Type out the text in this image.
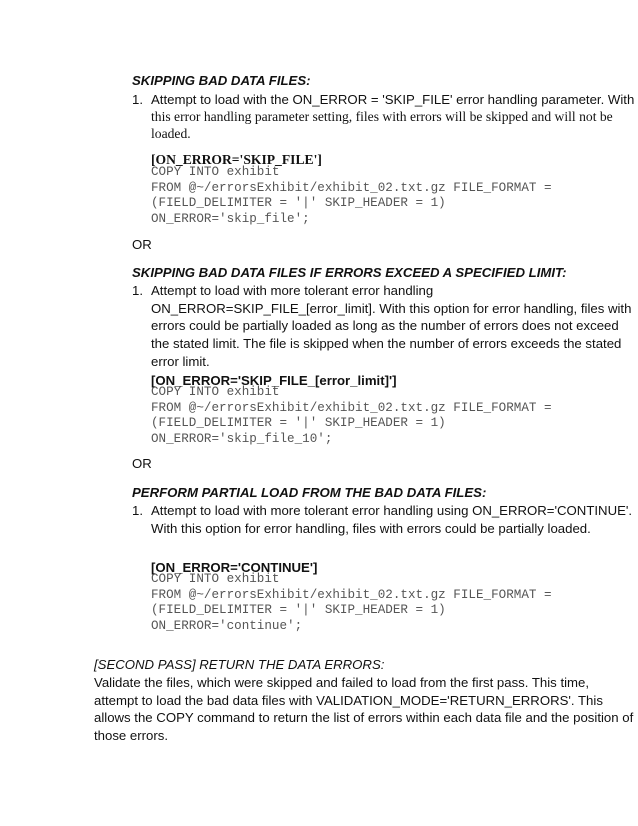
SKIPPING BAD DATA FILES:
1. Attempt to load with the ON_ERROR = 'SKIP_FILE' error handling parameter. With
this error handling parameter setting, files with errors will be skipped and will not be
loaded.
[ON_ERROR='SKIP_FILE']
COPY INTO exhibit
FROM @~/errorsExhibit/exhibit_02.txt.gz FILE_FORMAT =
(FIELD_DELIMITER = '|' SKIP_HEADER = 1)
ON_ERROR='skip_file';
OR
SKIPPING BAD DATA FILES IF ERRORS EXCEED A SPECIFIED LIMIT:
1. Attempt to load with more tolerant error handling
ON_ERROR=SKIP_FILE_[error_limit]. With this option for error handling, files with
errors could be partially loaded as long as the number of errors does not exceed
the stated limit. The file is skipped when the number of errors exceeds the stated
error limit.
[ON_ERROR='SKIP_FILE_[error_limit]']
COPY INTO exhibit
FROM @~/errorsExhibit/exhibit_02.txt.gz FILE_FORMAT =
(FIELD_DELIMITER = '|' SKIP_HEADER = 1)
ON_ERROR='skip_file_10';
OR
PERFORM PARTIAL LOAD FROM THE BAD DATA FILES:
1. Attempt to load with more tolerant error handling using ON_ERROR='CONTINUE'.
With this option for error handling, files with errors could be partially loaded.
[ON_ERROR='CONTINUE']
COPY INTO exhibit
FROM @~/errorsExhibit/exhibit_02.txt.gz FILE_FORMAT =
(FIELD_DELIMITER = '|' SKIP_HEADER = 1)
ON_ERROR='continue';
[SECOND PASS] RETURN THE DATA ERRORS:
Validate the files, which were skipped and failed to load from the first pass. This time,
attempt to load the bad data files with VALIDATION_MODE='RETURN_ERRORS'. This
allows the COPY command to return the list of errors within each data file and the position of
those errors.
